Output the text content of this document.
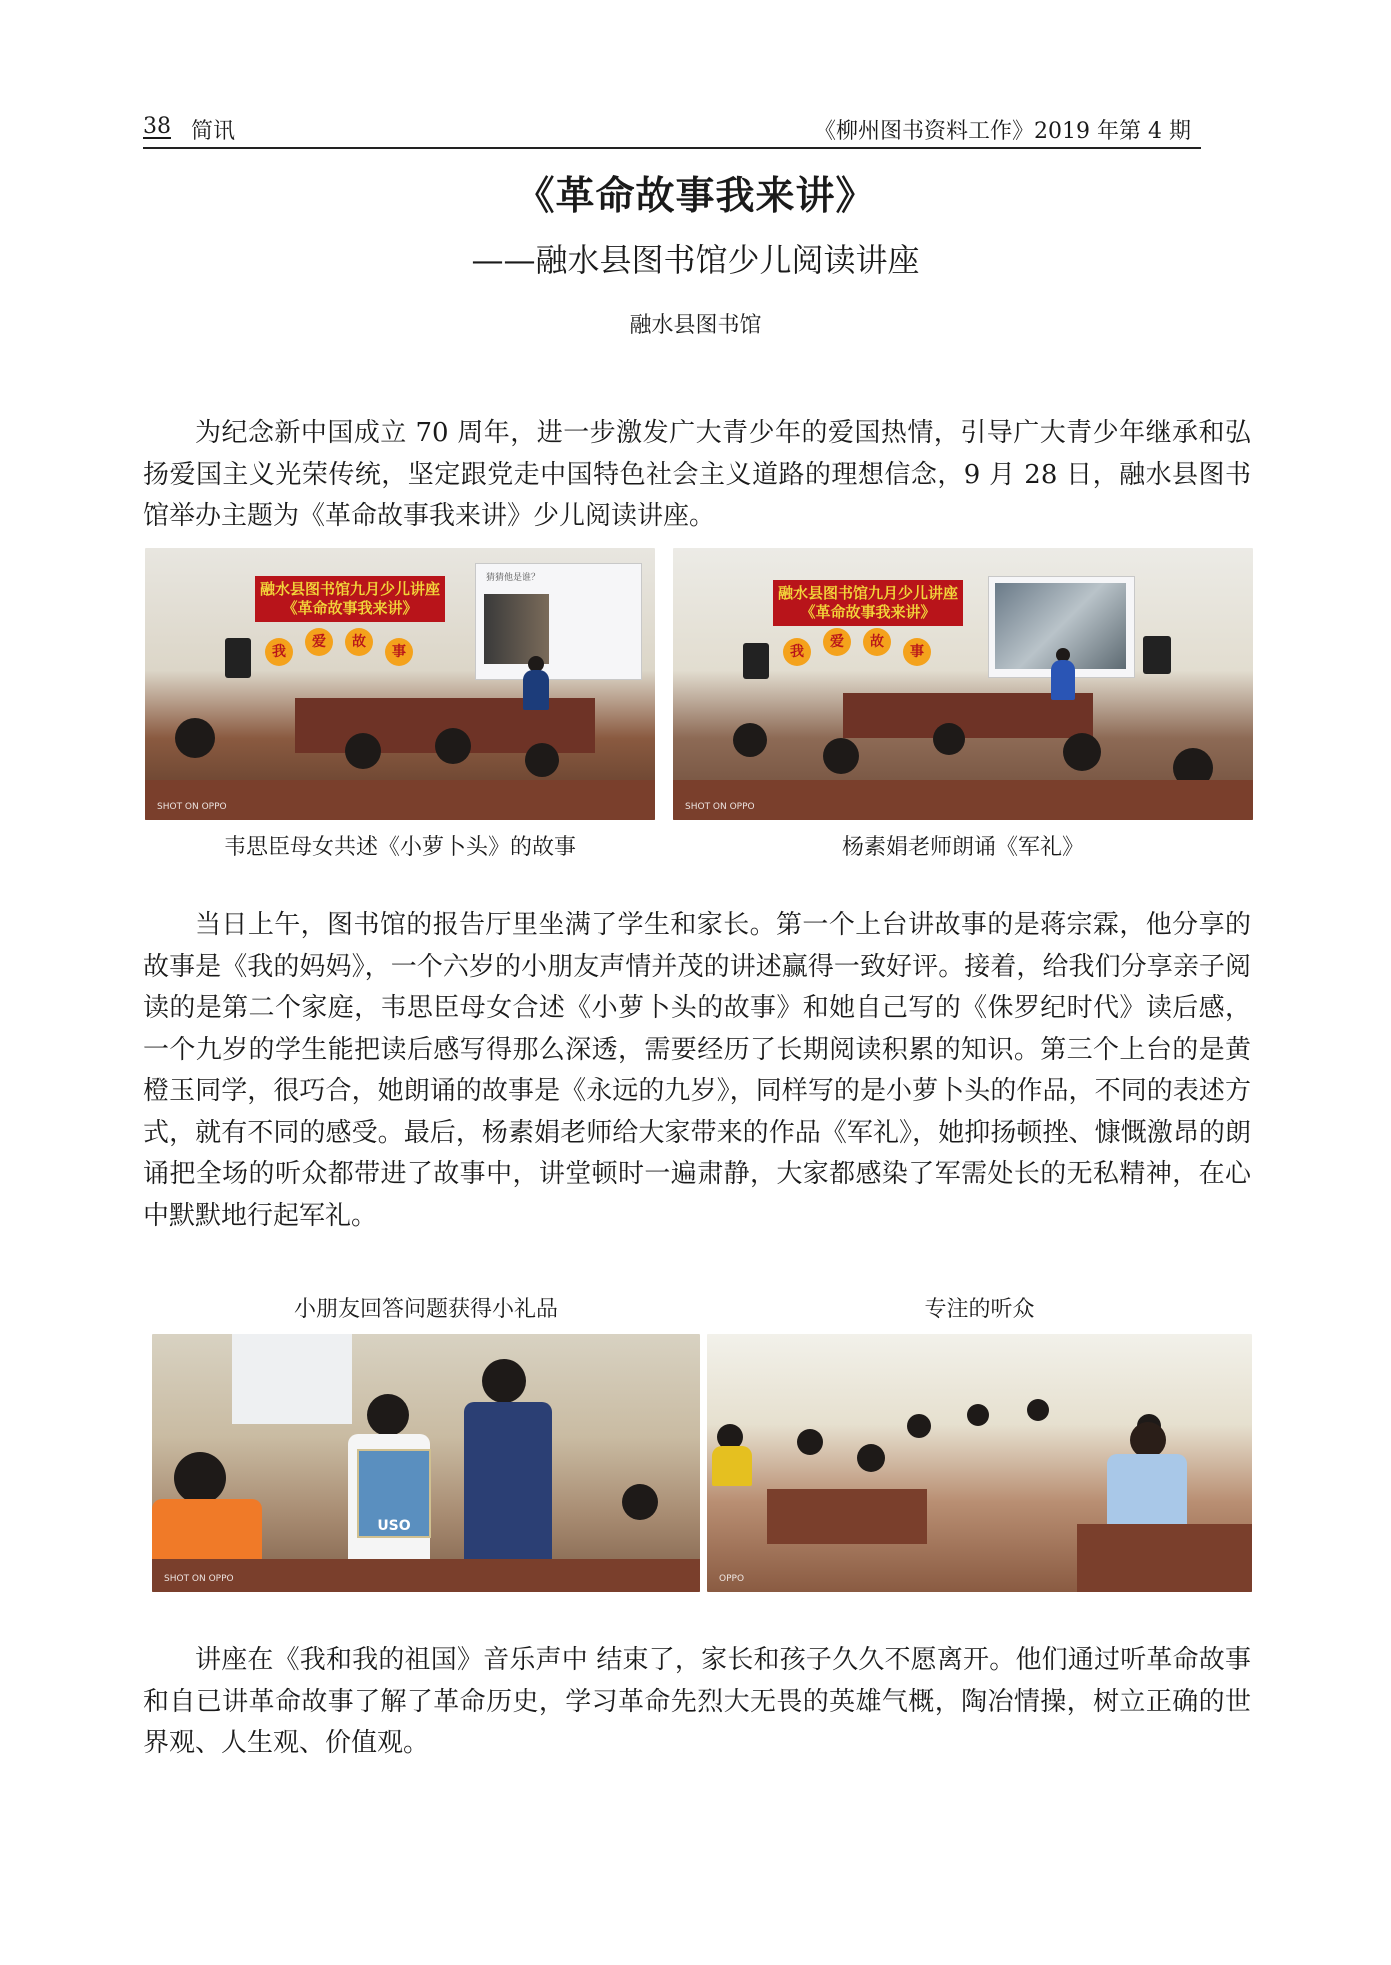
38 简讯	《柳州图书资料工作》2019 年第 4 期
《革命故事我来讲》
——融水县图书馆少儿阅读讲座
融水县图书馆

为纪念新中国成立 70 周年，进一步激发广大青少年的爱国热情，引导广大青少年继承和弘扬爱国主义光荣传统，坚定跟党走中国特色社会主义道路的理想信念，9 月 28 日，融水县图书馆举办主题为《革命故事我来讲》少儿阅读讲座。

融水县图书馆九月少儿讲座
《革命故事我来讲》
猜猜他是谁？
我
爱	故
事
SHOT ON OPPO
韦思臣母女共述《小萝卜头》的故事
融水县图书馆九月少儿讲座
《革命故事我来讲》
我
爱	故
事
SHOT ON OPPO
杨素娟老师朗诵《军礼》

当日上午，图书馆的报告厅里坐满了学生和家长。第一个上台讲故事的是蒋宗霖，他分享的故事是《我的妈妈》，一个六岁的小朋友声情并茂的讲述赢得一致好评。接着，给我们分享亲子阅读的是第二个家庭，韦思臣母女合述《小萝卜头的故事》和她自己写的《侏罗纪时代》读后感，一个九岁的学生能把读后感写得那么深透，需要经历了长期阅读积累的知识。第三个上台的是黄橙玉同学，很巧合，她朗诵的故事是《永远的九岁》，同样写的是小萝卜头的作品，不同的表述方式，就有不同的感受。最后，杨素娟老师给大家带来的作品《军礼》，她抑扬顿挫、慷慨激昂的朗诵把全场的听众都带进了故事中，讲堂顿时一遍肃静，大家都感染了军需处长的无私精神，在心中默默地行起军礼。

小朋友回答问题获得小礼品	专注的听众
USO
SHOT ON OPPO	OPPO

讲座在《我和我的祖国》音乐声中 结束了，家长和孩子久久不愿离开。他们通过听革命故事和自已讲革命故事了解了革命历史，学习革命先烈大无畏的英雄气概，陶冶情操，树立正确的世界观、人生观、价值观。
